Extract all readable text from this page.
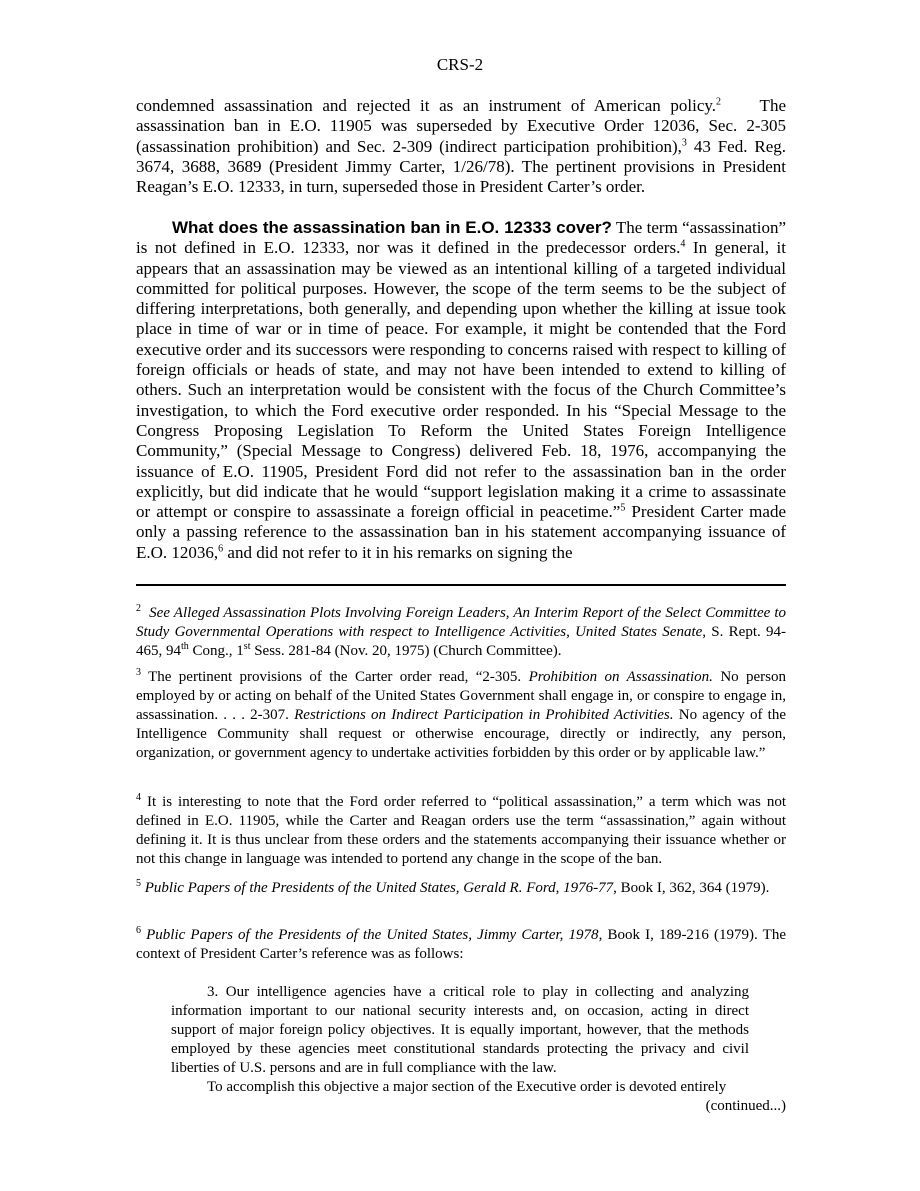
CRS-2

condemned assassination and rejected it as an instrument of American policy.$^2$    The assassination ban in E.O. 11905 was superseded by Executive Order 12036, Sec. 2-305 (assassination prohibition) and Sec. 2-309 (indirect participation prohibition),$^3$ 43 Fed. Reg. 3674, 3688, 3689 (President Jimmy Carter, 1/26/78). The pertinent provisions in President Reagan’s E.O. 12333, in turn, superseded those in President Carter’s order.

What does the assassination ban in E.O. 12333 cover? The term “assassination” is not defined in E.O. 12333, nor was it defined in the predecessor orders.$^4$ In general, it appears that an assassination may be viewed as an intentional killing of a targeted individual committed for political purposes. However, the scope of the term seems to be the subject of differing interpretations, both generally, and depending upon whether the killing at issue took place in time of war or in time of peace. For example, it might be contended that the Ford executive order and its successors were responding to concerns raised with respect to killing of foreign officials or heads of state, and may not have been intended to extend to killing of others. Such an interpretation would be consistent with the focus of the Church Committee’s investigation, to which the Ford executive order responded. In his “Special Message to the Congress Proposing Legislation To Reform the United States Foreign Intelligence Community,” (Special Message to Congress) delivered Feb. 18, 1976, accompanying the issuance of E.O. 11905, President Ford did not refer to the assassination ban in the order explicitly, but did indicate that he would “support legislation making it a crime to assassinate or attempt or conspire to assassinate a foreign official in peacetime.”$^5$ President Carter made only a passing reference to the assassination ban in his statement accompanying issuance of E.O. 12036,$^6$ and did not refer to it in his remarks on signing the

$^2$ See Alleged Assassination Plots Involving Foreign Leaders, An Interim Report of the Select Committee to Study Governmental Operations with respect to Intelligence Activities, United States Senate, S. Rept. 94-465, 94th Cong., 1st Sess. 281-84 (Nov. 20, 1975) (Church Committee).

$^3$ The pertinent provisions of the Carter order read, “2-305. Prohibition on Assassination. No person employed by or acting on behalf of the United States Government shall engage in, or conspire to engage in, assassination. . . . 2-307. Restrictions on Indirect Participation in Prohibited Activities. No agency of the Intelligence Community shall request or otherwise encourage, directly or indirectly, any person, organization, or government agency to undertake activities forbidden by this order or by applicable law.”

$^4$ It is interesting to note that the Ford order referred to “political assassination,” a term which was not defined in E.O. 11905, while the Carter and Reagan orders use the term “assassination,” again without defining it. It is thus unclear from these orders and the statements accompanying their issuance whether or not this change in language was intended to portend any change in the scope of the ban.

$^5$ Public Papers of the Presidents of the United States, Gerald R. Ford, 1976-77, Book I, 362, 364 (1979).

$^6$ Public Papers of the Presidents of the United States, Jimmy Carter, 1978, Book I, 189-216 (1979). The context of President Carter’s reference was as follows:

3. Our intelligence agencies have a critical role to play in collecting and analyzing information important to our national security interests and, on occasion, acting in direct support of major foreign policy objectives. It is equally important, however, that the methods employed by these agencies meet constitutional standards protecting the privacy and civil liberties of U.S. persons and are in full compliance with the law.

To accomplish this objective a major section of the Executive order is devoted entirely

(continued...)
